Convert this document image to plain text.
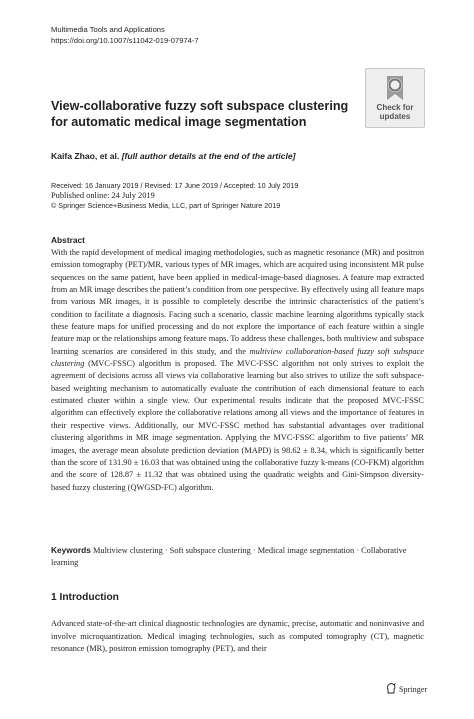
Multimedia Tools and Applications
https://doi.org/10.1007/s11042-019-07974-7
View-collaborative fuzzy soft subspace clustering for automatic medical image segmentation
Check for
updates
Kaifa Zhao, et al. [full author details at the end of the article]
Received: 16 January 2019 / Revised: 17 June 2019 / Accepted: 10 July 2019
Published online: 24 July 2019
© Springer Science+Business Media, LLC, part of Springer Nature 2019
Abstract

With the rapid development of medical imaging methodologies, such as magnetic resonance (MR) and positron emission tomography (PET)/MR, various types of MR images, which are acquired using inconsistent MR pulse sequences on the same patient, have been applied in medical-image-based diagnoses. A feature map extracted from an MR image describes the patient’s condition from one perspective. By effectively using all feature maps from various MR images, it is possible to completely describe the intrinsic characteristics of the patient’s condition to facilitate a diagnosis. Facing such a scenario, classic machine learning algorithms typically stack these feature maps for unified processing and do not explore the importance of each feature within a single feature map or the relationships among feature maps. To address these challenges, both multiview and subspace learning scenarios are considered in this study, and the multiview collaboration-based fuzzy soft subspace clustering (MVC-FSSC) algorithm is proposed. The MVC-FSSC algorithm not only strives to exploit the agreement of decisions across all views via collaborative learning but also strives to utilize the soft subspace-based weighting mechanism to automatically evaluate the contribution of each dimensional feature to each estimated cluster within a single view. Our experimental results indicate that the proposed MVC-FSSC algorithm can effectively explore the collaborative relations among all views and the importance of features in their respective views. Additionally, our MVC-FSSC method has substantial advantages over traditional clustering algorithms in MR image segmentation. Applying the MVC-FSSC algorithm to five patients’ MR images, the average mean absolute prediction deviation (MAPD) is 98.62 ± 8.34, which is significantly better than the score of 131.90 ± 16.03 that was obtained using the collaborative fuzzy k-means (CO-FKM) algorithm and the score of 128.87 ± 11.32 that was obtained using the quadratic weights and Gini-Simpson diversity-based fuzzy clustering (QWGSD-FC) algorithm.

Keywords Multiview clustering · Soft subspace clustering · Medical image segmentation · Collaborative learning
1 Introduction

Advanced state-of-the-art clinical diagnostic technologies are dynamic, precise, automatic and noninvasive and involve microquantization. Medical imaging technologies, such as computed tomography (CT), magnetic resonance (MR), positron emission tomography (PET), and their

Springer
